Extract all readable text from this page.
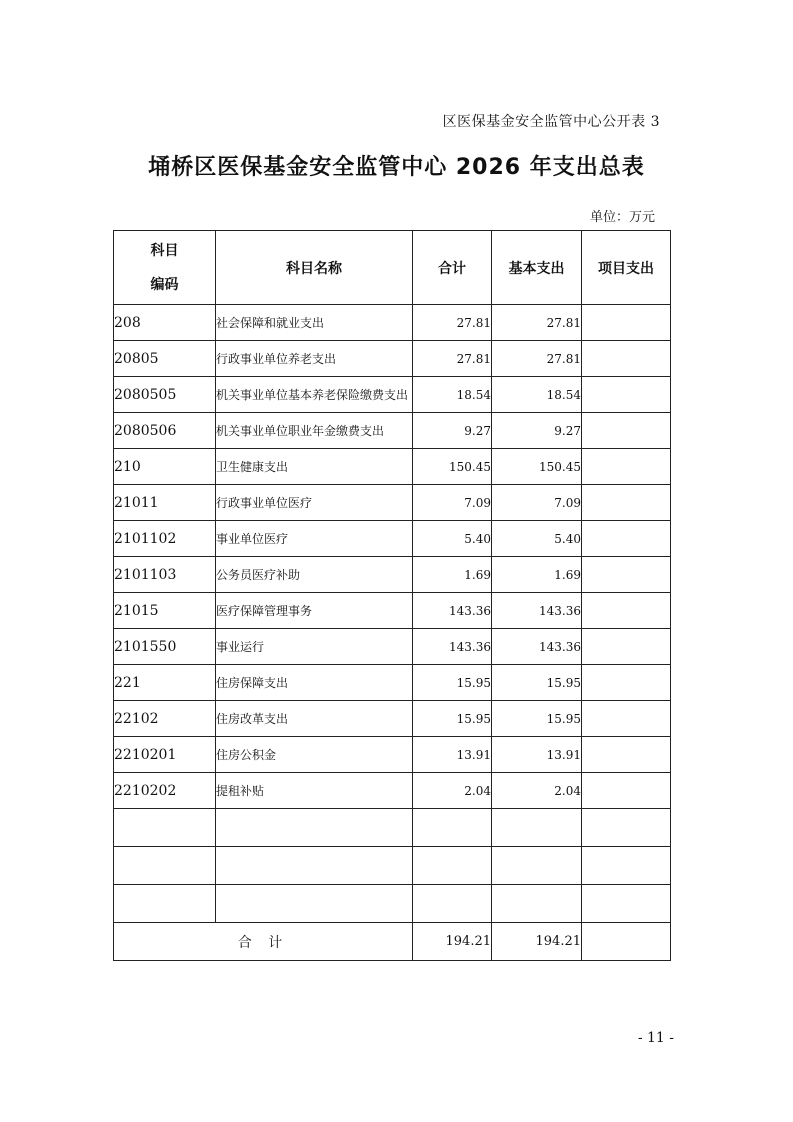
区医保基金安全监管中心公开表 3
埇桥区医保基金安全监管中心 2026 年支出总表
单位：万元
科目
编码	科目名称	合计	基本支出	项目支出
208	社会保障和就业支出	27.81	27.81	
20805	行政事业单位养老支出	27.81	27.81	
2080505	机关事业单位基本养老保险缴费支出	18.54	18.54	
2080506	机关事业单位职业年金缴费支出	9.27	9.27	
210	卫生健康支出	150.45	150.45	
21011	行政事业单位医疗	7.09	7.09	
2101102	事业单位医疗	5.40	5.40	
2101103	公务员医疗补助	1.69	1.69	
21015	医疗保障管理事务	143.36	143.36	
2101550	事业运行	143.36	143.36	
221	住房保障支出	15.95	15.95	
22102	住房改革支出	15.95	15.95	
2210201	住房公积金	13.91	13.91	
2210202	提租补贴	2.04	2.04	

合 计		194.21	194.21	
- 11 -
